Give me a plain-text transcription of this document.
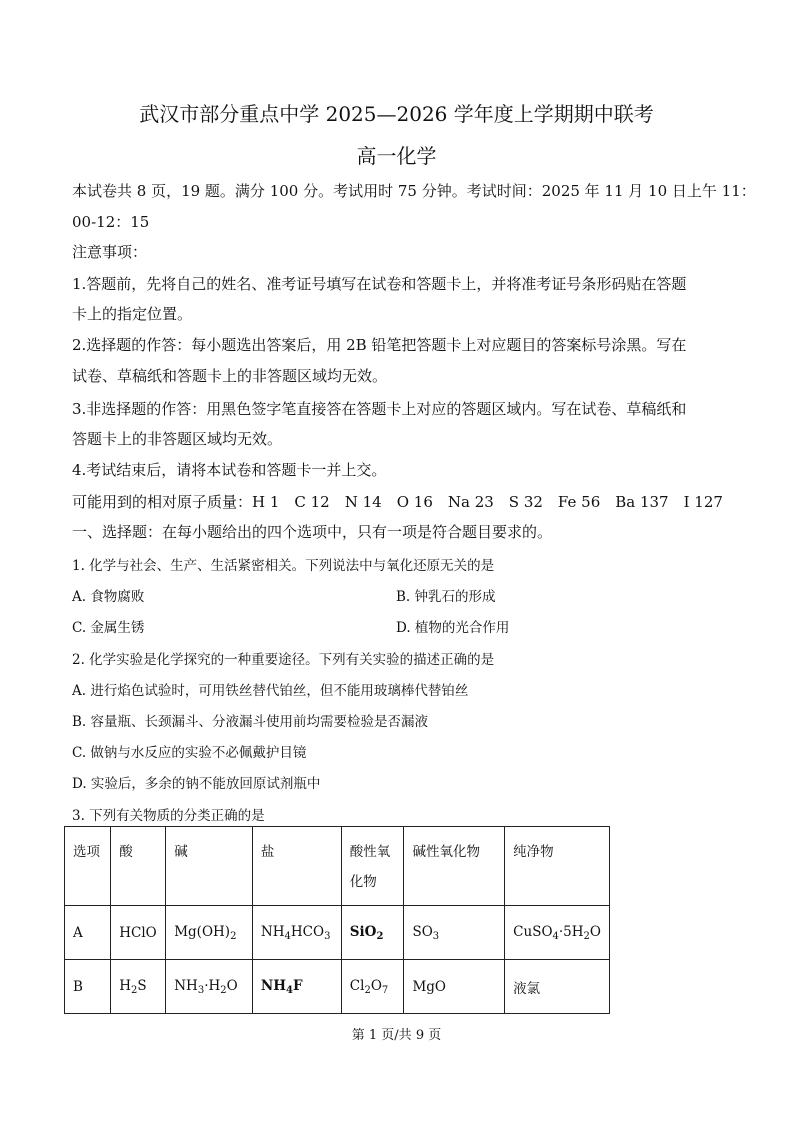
武汉市部分重点中学 2025—2026 学年度上学期期中联考
高一化学
本试卷共 8 页，19 题。满分 100 分。考试用时 75 分钟。考试时间：2025 年 11 月 10 日上午 11：
00-12：15
注意事项：
1.答题前，先将自己的姓名、准考证号填写在试卷和答题卡上，并将准考证号条形码贴在答题
卡上的指定位置。
2.选择题的作答：每小题选出答案后，用 2B 铅笔把答题卡上对应题目的答案标号涂黑。写在
试卷、草稿纸和答题卡上的非答题区域均无效。
3.非选择题的作答：用黑色签字笔直接答在答题卡上对应的答题区域内。写在试卷、草稿纸和
答题卡上的非答题区域均无效。
4.考试结束后，请将本试卷和答题卡一并上交。
可能用到的相对原子质量：H 1　C 12　N 14　O 16　Na 23　S 32　Fe 56　Ba 137　I 127
一、选择题：在每小题给出的四个选项中，只有一项是符合题目要求的。
1. 化学与社会、生产、生活紧密相关。下列说法中与氧化还原无关的是
A. 食物腐败	B. 钟乳石的形成
C. 金属生锈	D. 植物的光合作用
2. 化学实验是化学探究的一种重要途径。下列有关实验的描述正确的是
A. 进行焰色试验时，可用铁丝替代铂丝，但不能用玻璃棒代替铂丝
B. 容量瓶、长颈漏斗、分液漏斗使用前均需要检验是否漏液
C. 做钠与水反应的实验不必佩戴护目镜
D. 实验后，多余的钠不能放回原试剂瓶中
3. 下列有关物质的分类正确的是
选项	酸	碱	盐	酸性氧化物	碱性氧化物	纯净物
A	HClO	$Mg(OH)_2$	$NH_4HCO_3$	SiO$_2$	$SO_3$	$CuSO_4\cdot 5H_2O$
B	$H_2S$	$NH_3\cdot H_2O$	$NH_4F$	$Cl_2O_7$	MgO	液氯
第 1 页/共 9 页
